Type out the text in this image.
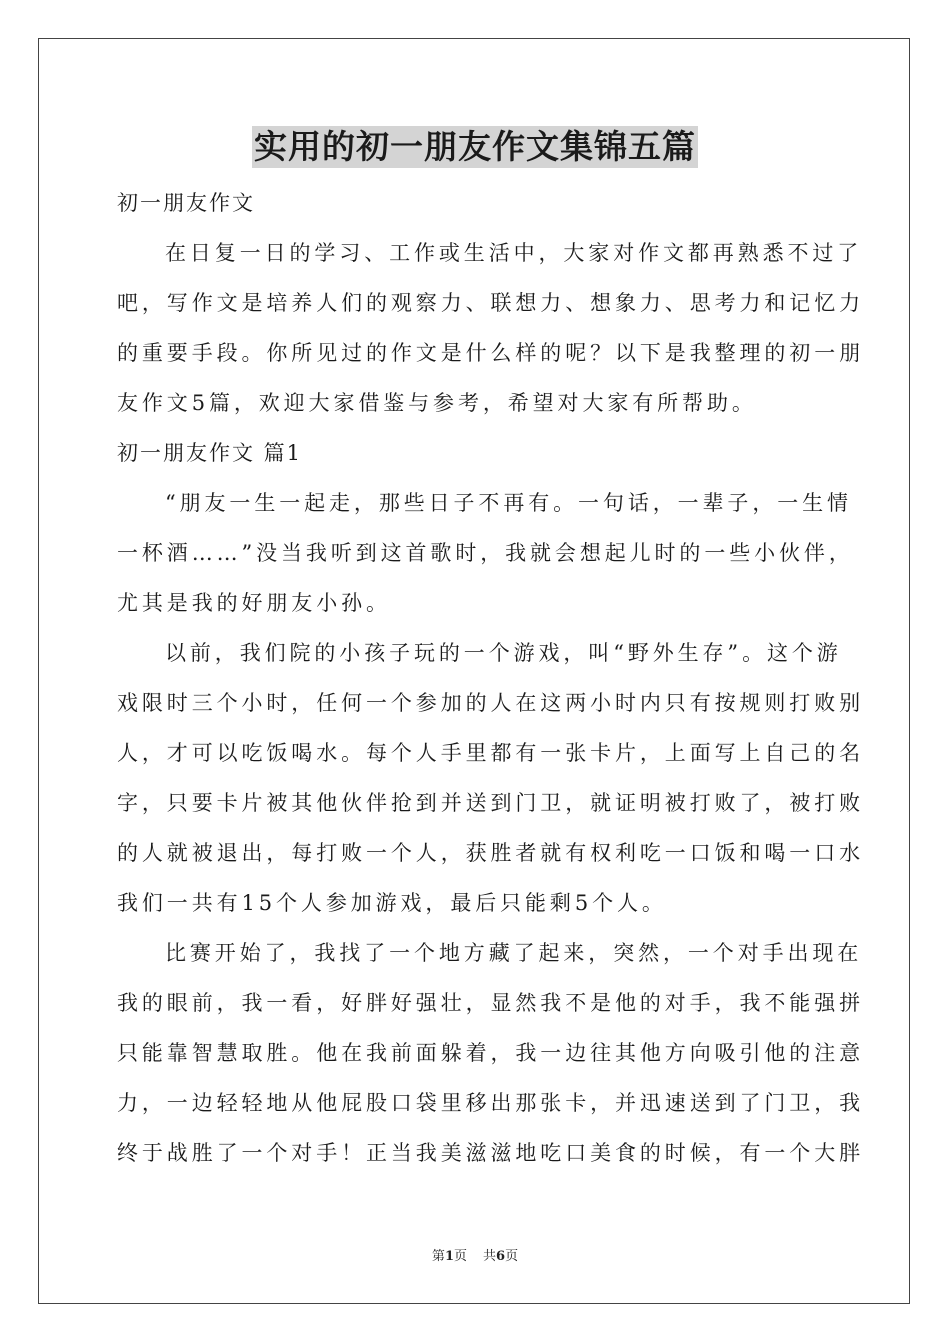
实用的初一朋友作文集锦五篇
初一朋友作文
在日复一日的学习、工作或生活中，大家对作文都再熟悉不过了
吧，写作文是培养人们的观察力、联想力、想象力、思考力和记忆力
的重要手段。你所见过的作文是什么样的呢？以下是我整理的初一朋
友作文5篇，欢迎大家借鉴与参考，希望对大家有所帮助。
初一朋友作文 篇1
“朋友一生一起走，那些日子不再有。一句话，一辈子，一生情
一杯酒……”没当我听到这首歌时，我就会想起儿时的一些小伙伴，
尤其是我的好朋友小孙。
以前，我们院的小孩子玩的一个游戏，叫“野外生存”。这个游
戏限时三个小时，任何一个参加的人在这两小时内只有按规则打败别
人，才可以吃饭喝水。每个人手里都有一张卡片，上面写上自己的名
字，只要卡片被其他伙伴抢到并送到门卫，就证明被打败了，被打败
的人就被退出，每打败一个人，获胜者就有权利吃一口饭和喝一口水
我们一共有15个人参加游戏，最后只能剩5个人。
比赛开始了，我找了一个地方藏了起来，突然，一个对手出现在
我的眼前，我一看，好胖好强壮，显然我不是他的对手，我不能强拼
只能靠智慧取胜。他在我前面躲着，我一边往其他方向吸引他的注意
力，一边轻轻地从他屁股口袋里移出那张卡，并迅速送到了门卫，我
终于战胜了一个对手！正当我美滋滋地吃口美食的时候，有一个大胖
第1页 共6页
